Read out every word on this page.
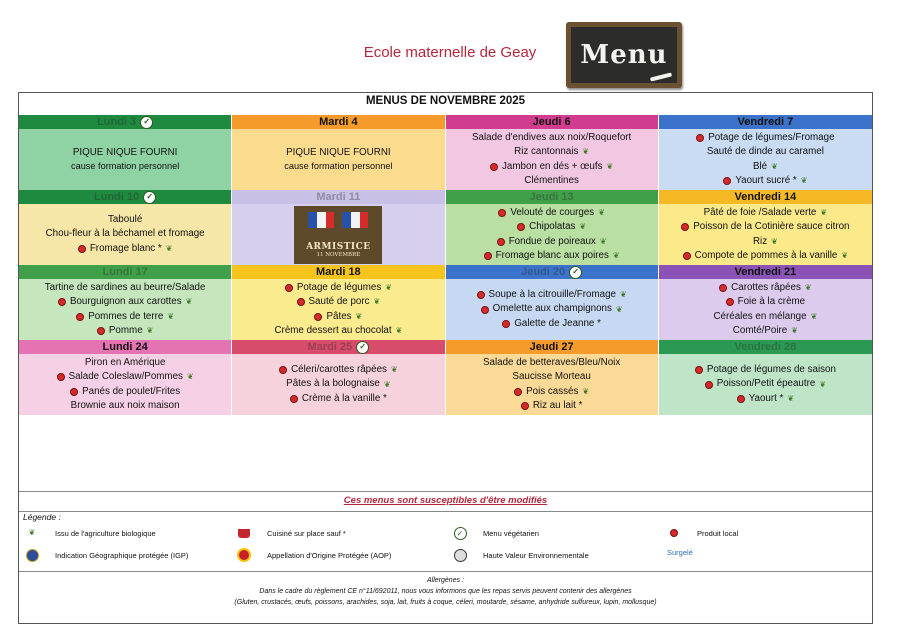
Ecole maternelle de Geay	Menu
MENUS DE NOVEMBRE 2025
Lundi 3 ✓
PIQUE NIQUE FOURNI
cause formation personnel
Mardi 4
PIQUE NIQUE FOURNI
cause formation personnel
Jeudi 6
Salade d'endives aux noix/Roquefort
Riz cantonnais ❦
Jambon en dés + œufs ❦
Clémentines
Vendredi 7
Potage de légumes/Fromage
Sauté de dinde au caramel
Blé ❦
Yaourt sucré * ❦
Lundi 10 ✓
Taboulé
Chou-fleur à la béchamel et fromage
Fromage blanc * ❦
Mardi 11
ARMISTICE
11 NOVEMBRE
Jeudi 13
Velouté de courges ❦
Chipolatas ❦
Fondue de poireaux ❦
Fromage blanc aux poires ❦
Vendredi 14
Pâté de foie /Salade verte ❦
Poisson de la Cotinière sauce citron
Riz ❦
Compote de pommes à la vanille ❦
Lundi 17
Tartine de sardines au beurre/Salade
Bourguignon aux carottes ❦
Pommes de terre ❦
Pomme ❦
Mardi 18
Potage de légumes ❦
Sauté de porc ❦
Pâtes ❦
Crème dessert au chocolat ❦
Jeudi 20 ✓
Soupe à la citrouille/Fromage ❦
Omelette aux champignons ❦
Galette de Jeanne *
Vendredi 21
Carottes râpées ❦
Foie à la crème
Céréales en mélange ❦
Comté/Poire ❦
Lundi 24
Piron en Amérique
Salade Coleslaw/Pommes ❦
Panés de poulet/Frites
Brownie aux noix maison
Mardi 25 ✓
Céleri/carottes râpées ❦
Pâtes à la bolognaise ❦
Crème à la vanille *
Jeudi 27
Salade de betteraves/Bleu/Noix
Saucisse Morteau
Pois cassés ❦
Riz au lait *
Vendredi 28
Potage de légumes de saison
Poisson/Petit épeautre ❦
Yaourt * ❦
Ces menus sont susceptibles d'être modifiés
Légende :
❦	Issu de l'agriculture biologique	Cuisiné sur place sauf *	✓	Menu végétarien	Produit local
Indication Géographique protégée (IGP)	Appellation d'Origine Protégée (AOP)	Haute Valeur Environnementale	Surgelé
Allergènes :
Dans le cadre du règlement CE n°11/692011, nous vous informons que les repas servis peuvent contenir des allergènes
(Gluten, crustacés, œufs, poissons, arachides, soja, lait, fruits à coque, céleri, moutarde, sésame, anhydride sulfureux, lupin, mollusque)
